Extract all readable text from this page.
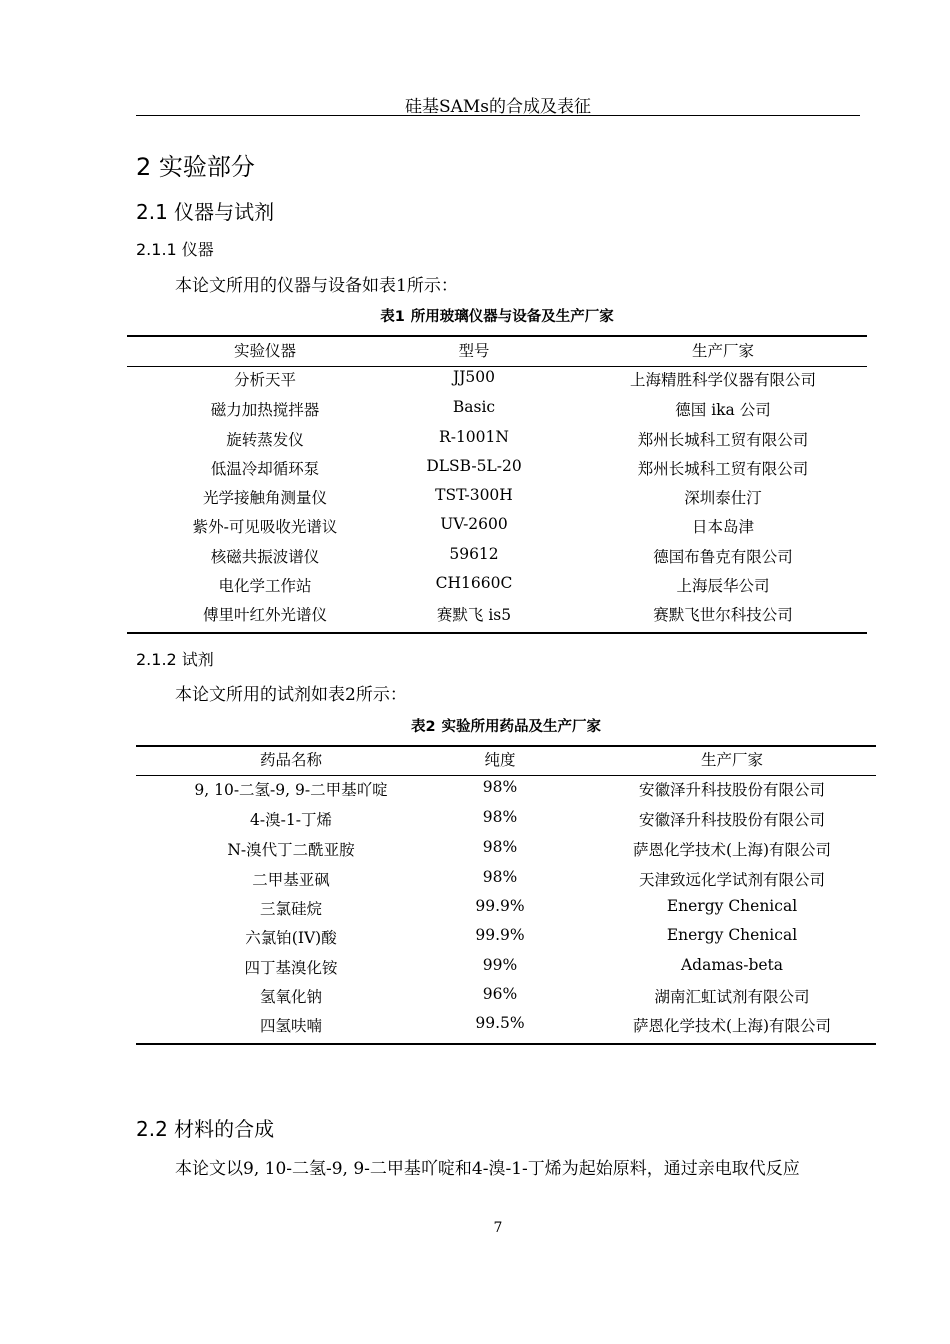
硅基SAMs的合成及表征
2 实验部分
2.1 仪器与试剂
2.1.1 仪器
本论文所用的仪器与设备如表1所示：
表1 所用玻璃仪器与设备及生产厂家
实验仪器	型号	生产厂家
分析天平	JJ500	上海精胜科学仪器有限公司
磁力加热搅拌器	Basic	德国 ika 公司
旋转蒸发仪	R-1001N	郑州长城科工贸有限公司
低温冷却循环泵	DLSB-5L-20	郑州长城科工贸有限公司
光学接触角测量仪	TST-300H	深圳泰仕汀
紫外-可见吸收光谱议	UV-2600	日本岛津
核磁共振波谱仪	59612	德国布鲁克有限公司
电化学工作站	CH1660C	上海辰华公司
傅里叶红外光谱仪	赛默飞 is5	赛默飞世尔科技公司
2.1.2 试剂
本论文所用的试剂如表2所示：
表2 实验所用药品及生产厂家
药品名称	纯度	生产厂家
9, 10-二氢-9, 9-二甲基吖啶	98%	安徽泽升科技股份有限公司
4-溴-1-丁烯	98%	安徽泽升科技股份有限公司
N-溴代丁二酰亚胺	98%	萨恩化学技术(上海)有限公司
二甲基亚砜	98%	天津致远化学试剂有限公司
三氯硅烷	99.9%	Energy Chenical
六氯铂(IV)酸	99.9%	Energy Chenical
四丁基溴化铵	99%	Adamas-beta
氢氧化钠	96%	湖南汇虹试剂有限公司
四氢呋喃	99.5%	萨恩化学技术(上海)有限公司
2.2 材料的合成
本论文以9, 10-二氢-9, 9-二甲基吖啶和4-溴-1-丁烯为起始原料，通过亲电取代反应
7
